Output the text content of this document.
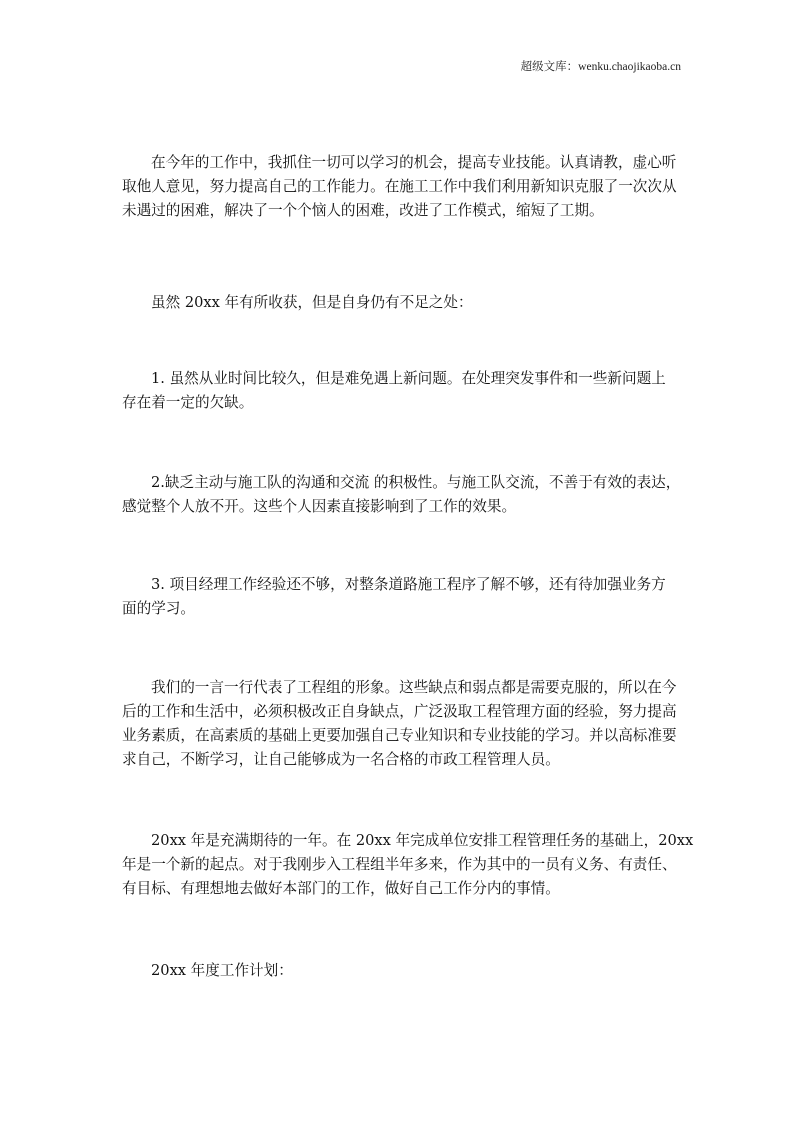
超级文库：wenku.chaojikaoba.cn

在今年的工作中，我抓住一切可以学习的机会，提高专业技能。认真请教，虚心听
取他人意见，努力提高自己的工作能力。在施工工作中我们利用新知识克服了一次次从
未遇过的困难，解决了一个个恼人的困难，改进了工作模式，缩短了工期。

虽然 20xx 年有所收获，但是自身仍有不足之处：

1. 虽然从业时间比较久，但是难免遇上新问题。在处理突发事件和一些新问题上
存在着一定的欠缺。

2.缺乏主动与施工队的沟通和交流 的积极性。与施工队交流，不善于有效的表达，
感觉整个人放不开。这些个人因素直接影响到了工作的效果。

3. 项目经理工作经验还不够，对整条道路施工程序了解不够，还有待加强业务方
面的学习。

我们的一言一行代表了工程组的形象。这些缺点和弱点都是需要克服的，所以在今
后的工作和生活中，必须积极改正自身缺点，广泛汲取工程管理方面的经验，努力提高
业务素质，在高素质的基础上更要加强自己专业知识和专业技能的学习。并以高标准要
求自己，不断学习，让自己能够成为一名合格的市政工程管理人员。

20xx 年是充满期待的一年。在 20xx 年完成单位安排工程管理任务的基础上，20xx
年是一个新的起点。对于我刚步入工程组半年多来，作为其中的一员有义务、有责任、
有目标、有理想地去做好本部门的工作，做好自己工作分内的事情。

20xx 年度工作计划：
